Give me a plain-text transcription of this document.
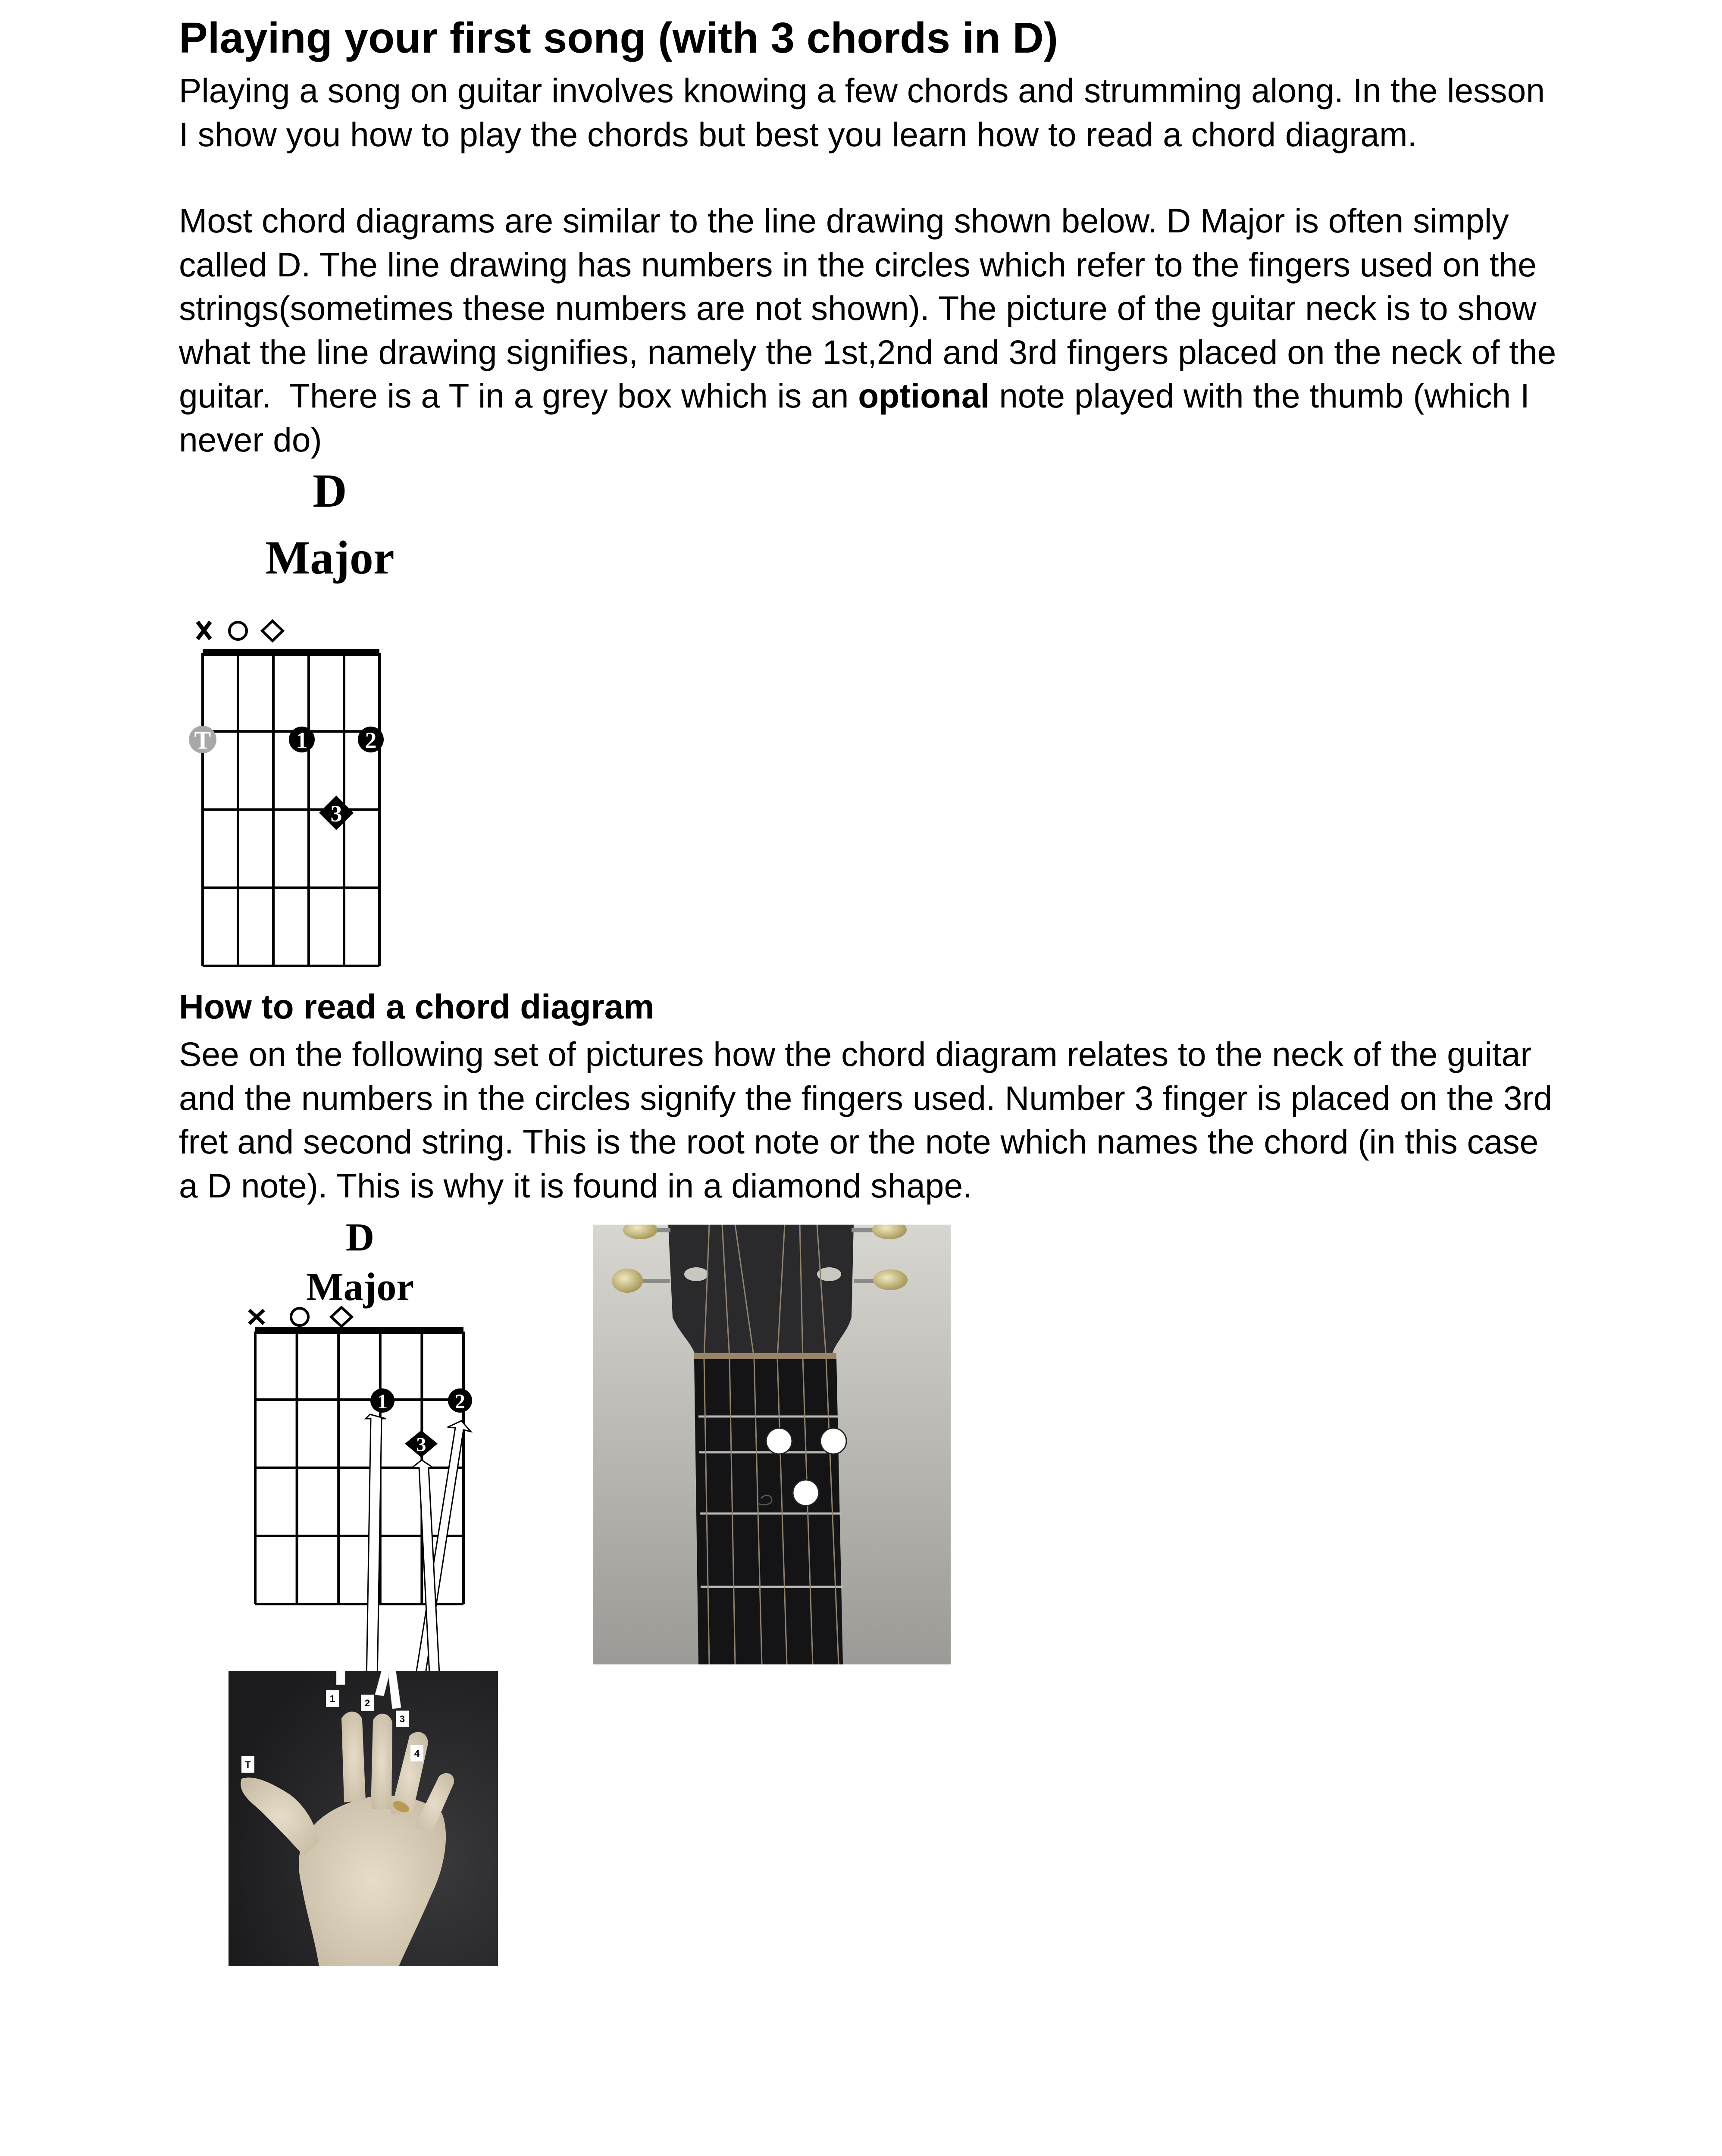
Playing your first song (with 3 chords in D)
Playing a song on guitar involves knowing a few chords and strumming along. In the lesson
I show you how to play the chords but best you learn how to read a chord diagram.
Most chord diagrams are similar to the line drawing shown below. D Major is often simply
called D. The line drawing has numbers in the circles which refer to the fingers used on the
strings(sometimes these numbers are not shown). The picture of the guitar neck is to show
what the line drawing signifies, namely the 1st,2nd and 3rd fingers placed on the neck of the
guitar.  There is a T in a grey box which is an optional note played with the thumb (which I
never do)
D
Major
T	1 2
3
How to read a chord diagram
See on the following set of pictures how the chord diagram relates to the neck of the guitar
and the numbers in the circles signify the fingers used. Number 3 finger is placed on the 3rd
fret and second string. This is the root note or the note which names the chord (in this case
a D note). This is why it is found in a diamond shape.
D
Major
1	2
3
T
1	2
3
4
